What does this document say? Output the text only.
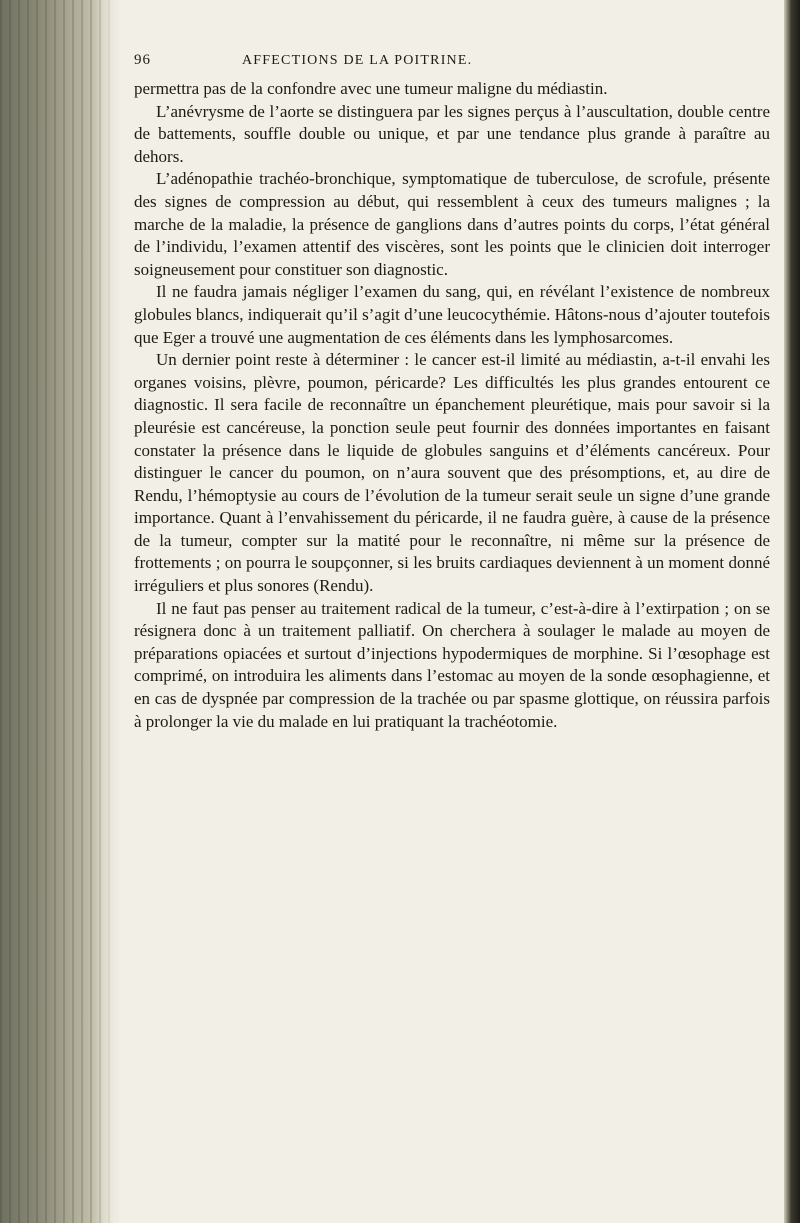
96	AFFECTIONS DE LA POITRINE.

permettra pas de la confondre avec une tumeur maligne du médiastin.

L’anévrysme de l’aorte se distinguera par les signes perçus à l’auscultation, double centre de battements, souffle double ou unique, et par une tendance plus grande à paraître au dehors.

L’adénopathie trachéo-bronchique, symptomatique de tuberculose, de scrofule, présente des signes de compression au début, qui ressemblent à ceux des tumeurs malignes ; la marche de la maladie, la présence de ganglions dans d’autres points du corps, l’état général de l’individu, l’examen attentif des viscères, sont les points que le clinicien doit interroger soigneusement pour constituer son diagnostic.

Il ne faudra jamais négliger l’examen du sang, qui, en révélant l’existence de nombreux globules blancs, indiquerait qu’il s’agit d’une leucocythémie. Hâtons-nous d’ajouter toutefois que Eger a trouvé une augmentation de ces éléments dans les lymphosarcomes.

Un dernier point reste à déterminer : le cancer est-il limité au médiastin, a-t-il envahi les organes voisins, plèvre, poumon, péricarde? Les difficultés les plus grandes entourent ce diagnostic. Il sera facile de reconnaître un épanchement pleurétique, mais pour savoir si la pleurésie est cancéreuse, la ponction seule peut fournir des données importantes en faisant constater la présence dans le liquide de globules sanguins et d’éléments cancéreux. Pour distinguer le cancer du poumon, on n’aura souvent que des présomptions, et, au dire de Rendu, l’hémoptysie au cours de l’évolution de la tumeur serait seule un signe d’une grande importance. Quant à l’envahissement du péricarde, il ne faudra guère, à cause de la présence de la tumeur, compter sur la matité pour le reconnaître, ni même sur la présence de frottements ; on pourra le soupçonner, si les bruits cardiaques deviennent à un moment donné irréguliers et plus sonores (Rendu).

Il ne faut pas penser au traitement radical de la tumeur, c’est-à-dire à l’extirpation ; on se résignera donc à un traitement palliatif. On cherchera à soulager le malade au moyen de préparations opiacées et surtout d’injections hypodermiques de morphine. Si l’œsophage est comprimé, on introduira les aliments dans l’estomac au moyen de la sonde œsophagienne, et en cas de dyspnée par compression de la trachée ou par spasme glottique, on réussira parfois à prolonger la vie du malade en lui pratiquant la trachéotomie.
